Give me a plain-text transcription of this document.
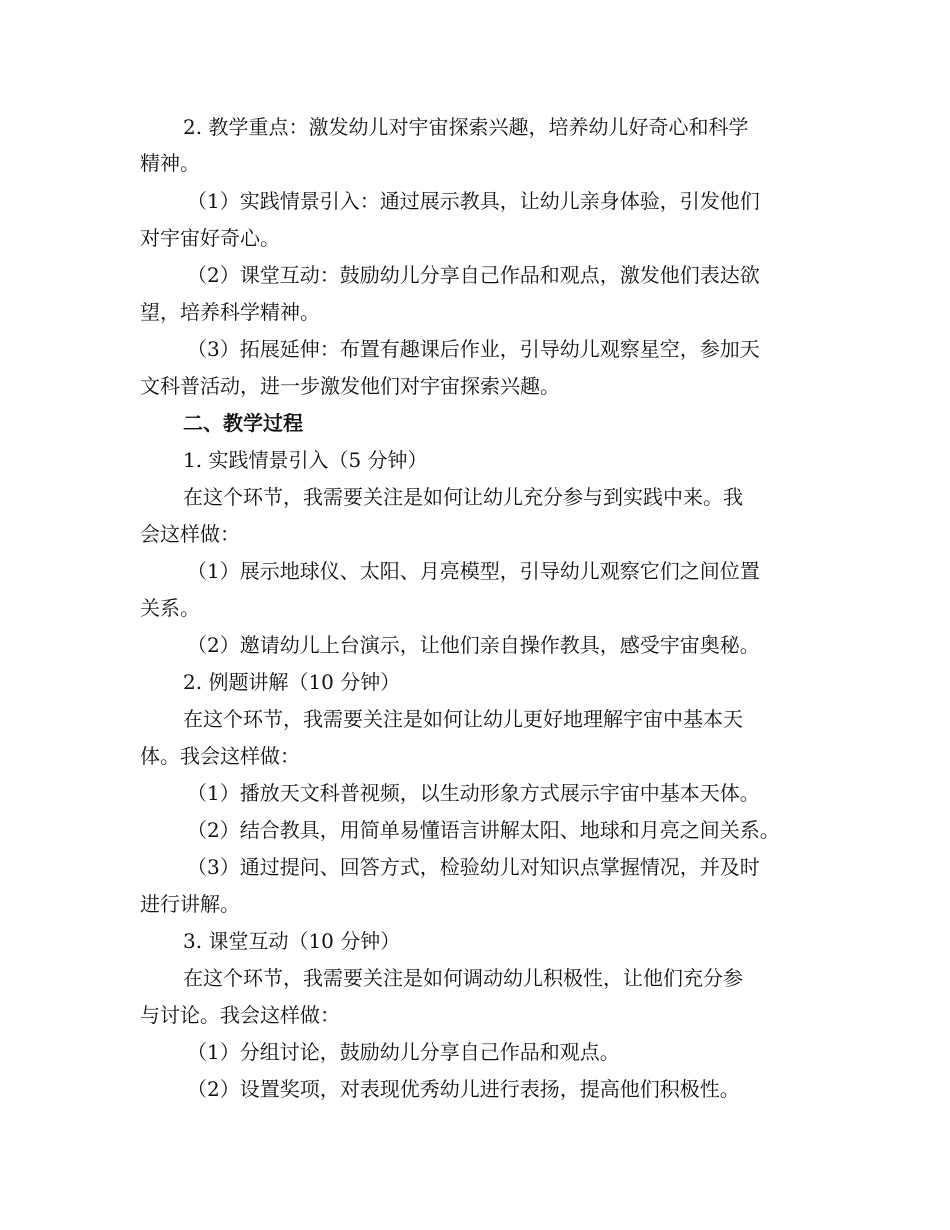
2. 教学重点：激发幼儿对宇宙探索兴趣，培养幼儿好奇心和科学
精神。
（1）实践情景引入：通过展示教具，让幼儿亲身体验，引发他们
对宇宙好奇心。
（2）课堂互动：鼓励幼儿分享自己作品和观点，激发他们表达欲
望，培养科学精神。
（3）拓展延伸：布置有趣课后作业，引导幼儿观察星空，参加天
文科普活动，进一步激发他们对宇宙探索兴趣。
二、教学过程
1. 实践情景引入（5 分钟）
在这个环节，我需要关注是如何让幼儿充分参与到实践中来。我
会这样做：
（1）展示地球仪、太阳、月亮模型，引导幼儿观察它们之间位置
关系。
（2）邀请幼儿上台演示，让他们亲自操作教具，感受宇宙奥秘。
2. 例题讲解（10 分钟）
在这个环节，我需要关注是如何让幼儿更好地理解宇宙中基本天
体。我会这样做：
（1）播放天文科普视频，以生动形象方式展示宇宙中基本天体。
（2）结合教具，用简单易懂语言讲解太阳、地球和月亮之间关系。
（3）通过提问、回答方式，检验幼儿对知识点掌握情况，并及时
进行讲解。
3. 课堂互动（10 分钟）
在这个环节，我需要关注是如何调动幼儿积极性，让他们充分参
与讨论。我会这样做：
（1）分组讨论，鼓励幼儿分享自己作品和观点。
（2）设置奖项，对表现优秀幼儿进行表扬，提高他们积极性。
